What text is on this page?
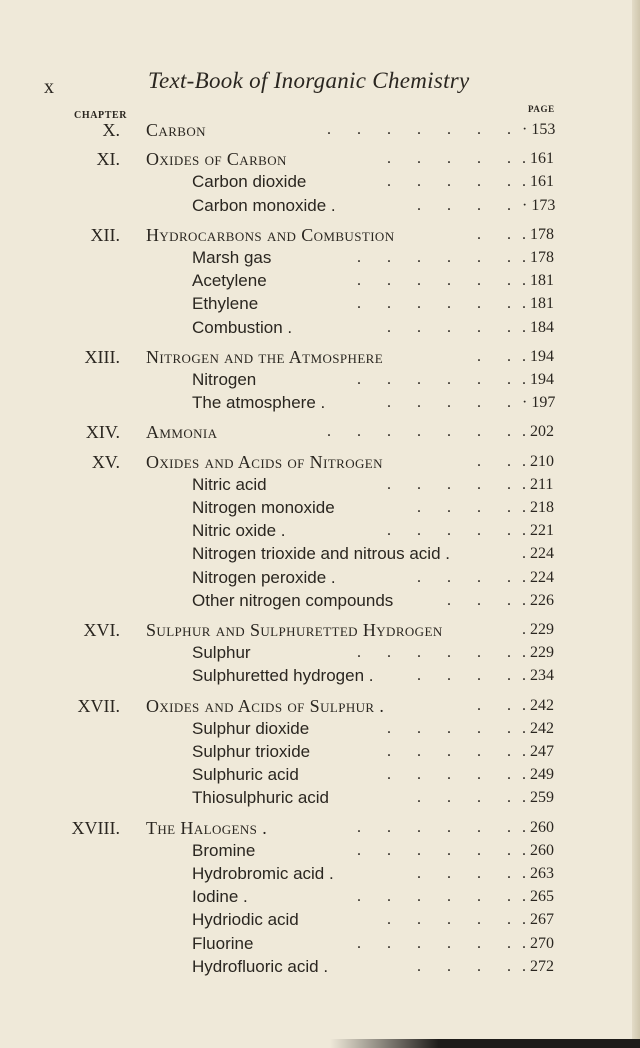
x	Text-Book of Inorganic Chemistry
CHAPTER
PAGE
X. Carbon	. . . . . . . · 153
XI. Oxides of Carbon	. . . . . . 161
Carbon dioxide	. . . . . . 161
Carbon monoxide .	. . . . · 173
XII. Hydrocarbons and Combustion	. . . 178
Marsh gas	. . . . . . . 178
Acetylene	. . . . . . . 181
Ethylene	. . . . . . . 181
Combustion .	. . . . . . 184
XIII. Nitrogen and the Atmosphere	. . . 194
Nitrogen	. . . . . . . 194
The atmosphere .	. . . . . · 197
XIV. Ammonia	. . . . . . . . 202
XV. Oxides and Acids of Nitrogen	. . . 210
Nitric acid	. . . . . . 211
Nitrogen monoxide	. . . . . 218
Nitric oxide .	. . . . . . 221
Nitrogen trioxide and nitrous acid .	. 224
Nitrogen peroxide .	. . . . . 224
Other nitrogen compounds	. . . . 226
XVI. Sulphur and Sulphuretted Hydrogen	. 229
Sulphur	. . . . . . . 229
Sulphuretted hydrogen .	. . . . . 234
XVII. Oxides and Acids of Sulphur .	. . . 242
Sulphur dioxide	. . . . . . 242
Sulphur trioxide	. . . . . . 247
Sulphuric acid	. . . . . . 249
Thiosulphuric acid	. . . . . 259
XVIII. The Halogens .	. . . . . . . 260
Bromine	. . . . . . . 260
Hydrobromic acid .	. . . . . 263
Iodine .	. . . . . . . 265
Hydriodic acid	. . . . . . 267
Fluorine	. . . . . . . 270
Hydrofluoric acid .	. . . . . 272
